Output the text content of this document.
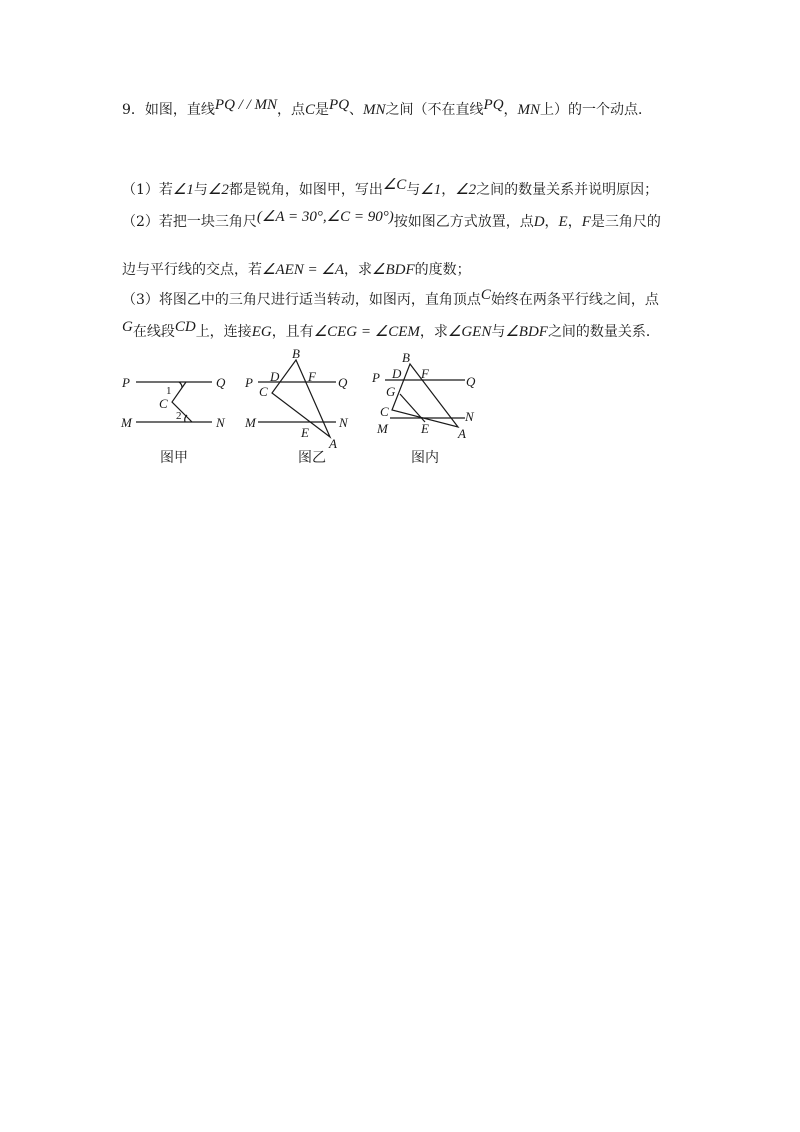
9．如图，直线PQ / / MN，点C是PQ、MN之间（不在直线PQ，MN上）的一个动点．
（1）若∠1与∠2都是锐角，如图甲，写出∠C与∠1，∠2之间的数量关系并说明原因；
（2）若把一块三角尺(∠A = 30°,∠C = 90°)按如图乙方式放置，点D，E，F是三角尺的
边与平行线的交点，若∠AEN = ∠A，求∠BDF的度数；
（3）将图乙中的三角尺进行适当转动，如图丙，直角顶点C始终在两条平行线之间，点
G在线段CD上，连接EG，且有∠CEG = ∠CEM，求∠GEN与∠BDF之间的数量关系．
P	Q
M	N
C
1
2
B
P D F Q
C
M	N
E
A
B
P D F
Q
G
C	N
M	E A
图甲	图乙	图内
